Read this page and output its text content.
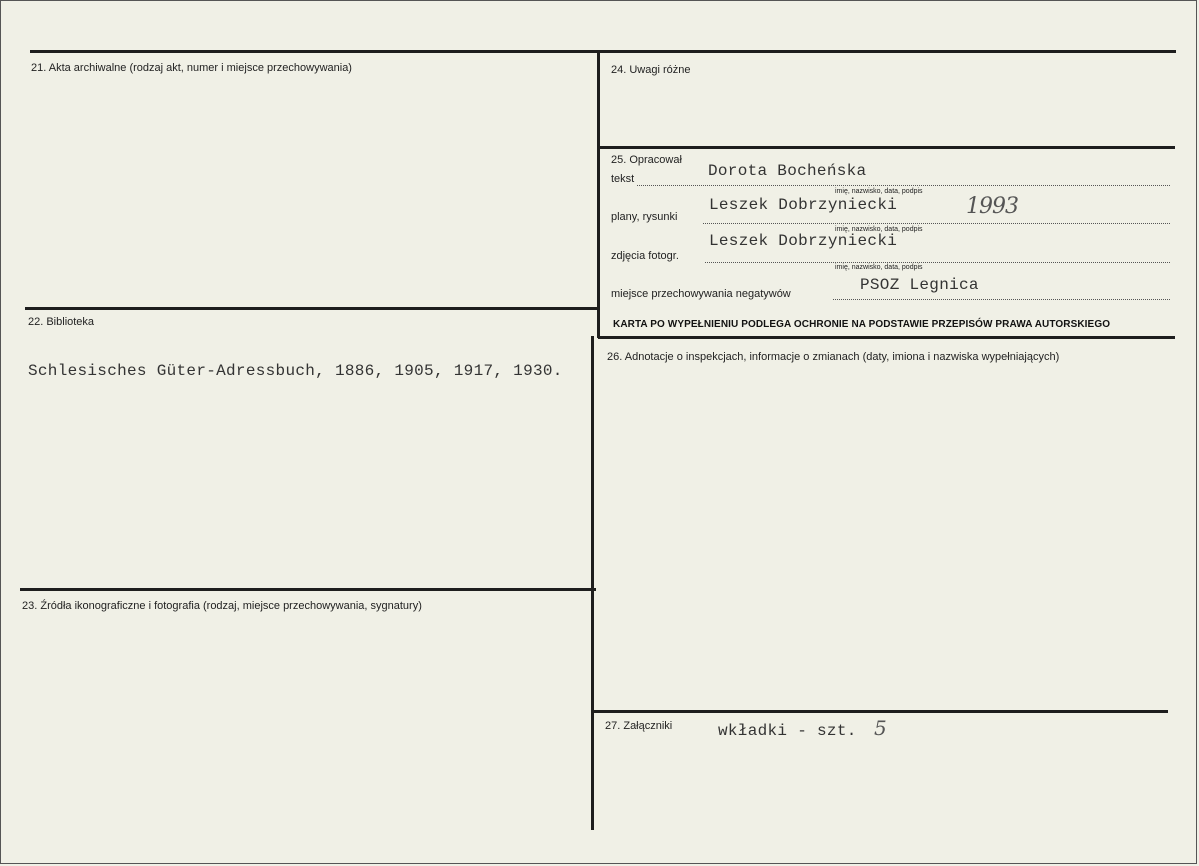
21. Akta archiwalne (rodzaj akt, numer i miejsce przechowywania)
22. Biblioteka
Schlesisches Güter-Adressbuch, 1886, 1905, 1917, 1930.
23. Źródła ikonograficzne i fotografia (rodzaj, miejsce przechowywania, sygnatury)
24. Uwagi różne
25. Opracował
tekst	Dorota Bocheńska
imię, nazwisko, data, podpis
plany, rysunki
Leszek Dobrzyniecki	1993
imię, nazwisko, data, podpis
zdjęcia fotogr.
Leszek Dobrzyniecki
imię, nazwisko, data, podpis
miejsce przechowywania negatywów	PSOZ Legnica
KARTA PO WYPEŁNIENIU PODLEGA OCHRONIE NA PODSTAWIE PRZEPISÓW PRAWA AUTORSKIEGO
26. Adnotacje o inspekcjach, informacje o zmianach (daty, imiona i nazwiska wypełniających)
27. Załączniki	wkładki - szt. 5
